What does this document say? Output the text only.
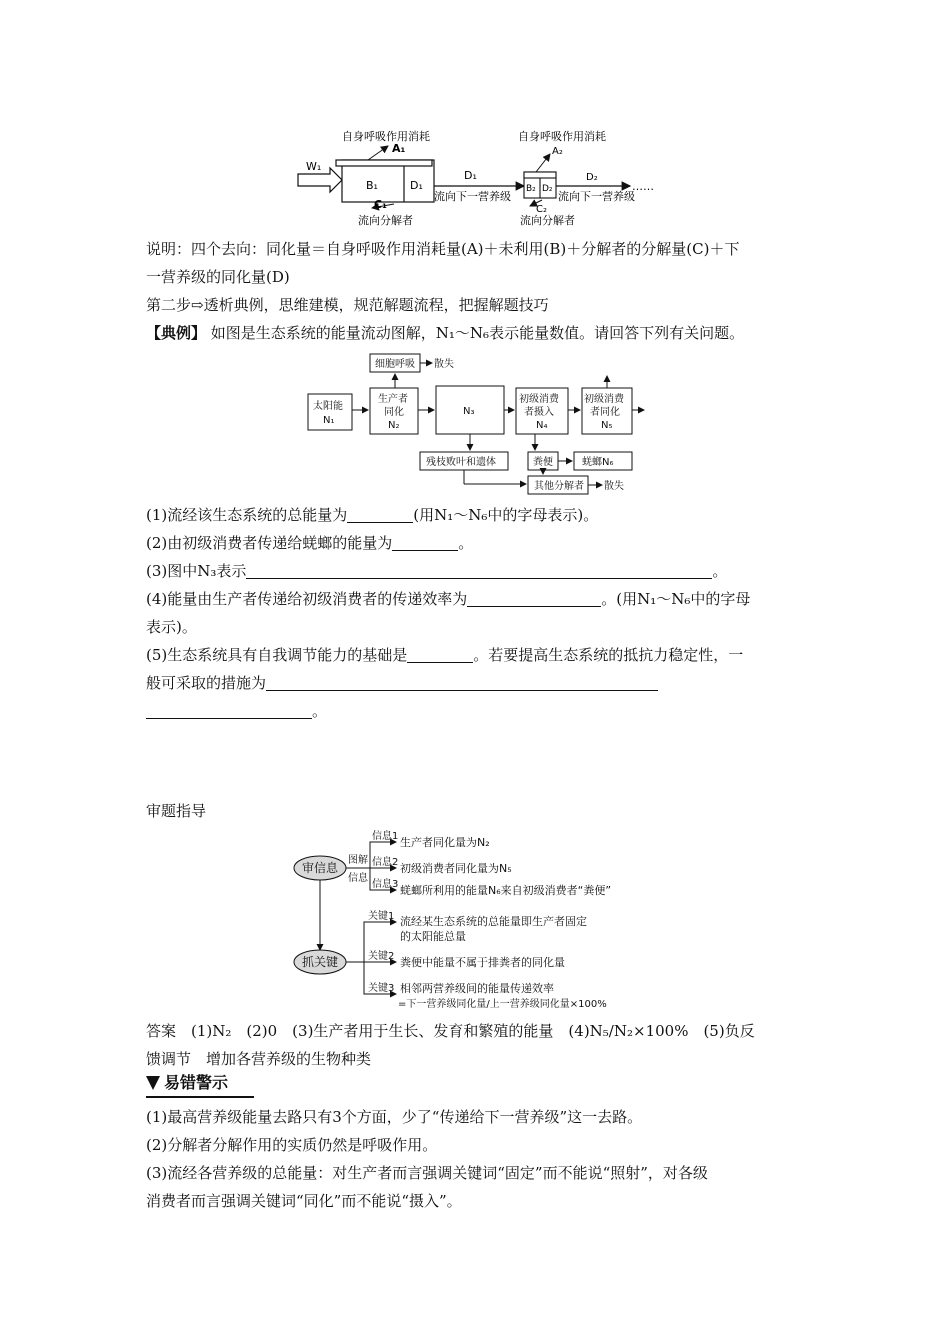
W₁
B₁	D₁
自身呼吸作用消耗
A₁
C₁
流向分解者
D₁
流向下一营养级
B₂ D₂
自身呼吸作用消耗
A₂
C₂
流向分解者
D₂
流向下一营养级
……
说明：四个去向：同化量＝自身呼吸作用消耗量(A)＋未利用(B)＋分解者的分解量(C)＋下
一营养级的同化量(D)
第二步⇨透析典例，思维建模，规范解题流程，把握解题技巧
【典例】 如图是生态系统的能量流动图解，N₁～N₆表示能量数值。请回答下列有关问题。
细胞呼吸 散失
太阳能
N₁
生产者
同化
N₂
N₃
初级消费
者摄入
N₄
初级消费
者同化
N₅
残枝败叶和遗体	粪便	蜣螂N₆
其他分解者 散失
(1)流经该生态系统的总能量为	(用N₁～N₆中的字母表示)。
(2)由初级消费者传递给蜣螂的能量为	。
(3)图中N₃表示	。
(4)能量由生产者传递给初级消费者的传递效率为	。(用N₁～N₆中的字母
表示)。
(5)生态系统具有自我调节能力的基础是	。若要提高生态系统的抵抗力稳定性，一
般可采取的措施为
。
审题指导
审信息
抓关键
图解
信息
信息1 生产者同化量为N₂
信息2 初级消费者同化量为N₅
信息3 蜣螂所利用的能量N₆来自初级消费者“粪便”
关键1 流经某生态系统的总能量即生产者固定
的太阳能总量
关键2 粪便中能量不属于排粪者的同化量
关键3 相邻两营养级间的能量传递效率
=下一营养级同化量/上一营养级同化量×100%
答案　(1)N₂　(2)0　(3)生产者用于生长、发育和繁殖的能量　(4)N₅/N₂×100%　(5)负反
馈调节　增加各营养级的生物种类
易错警示
(1)最高营养级能量去路只有3个方面，少了“传递给下一营养级”这一去路。
(2)分解者分解作用的实质仍然是呼吸作用。
(3)流经各营养级的总能量：对生产者而言强调关键词“固定”而不能说“照射”，对各级
消费者而言强调关键词“同化”而不能说“摄入”。
